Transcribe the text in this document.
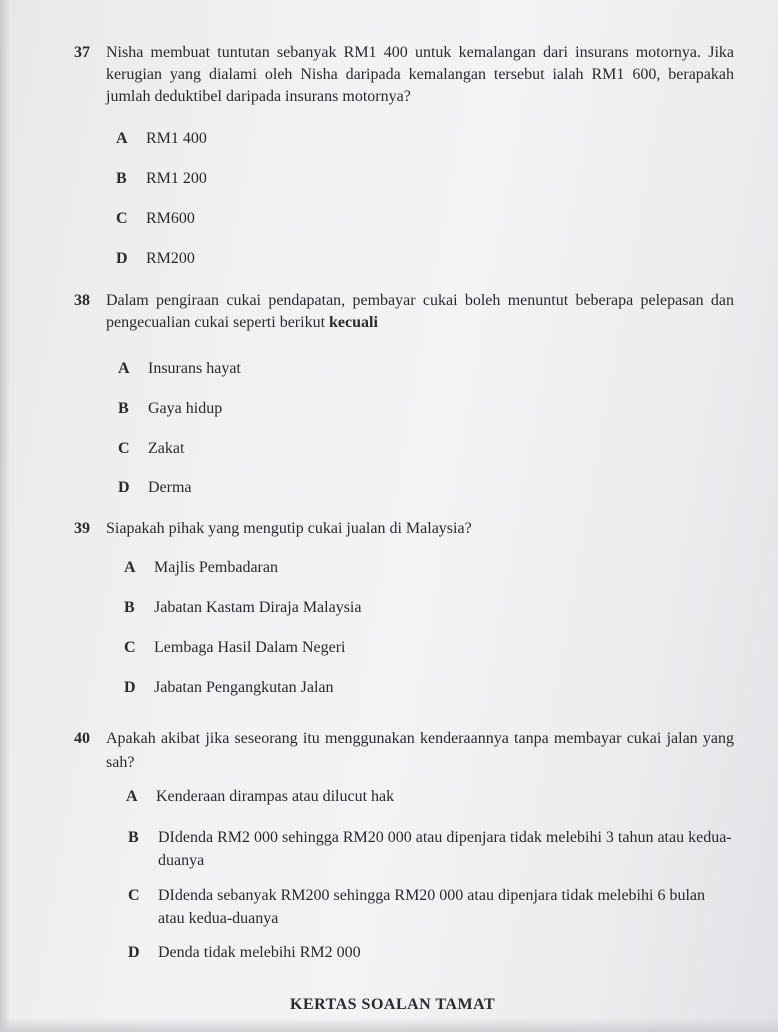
37	Nisha membuat tuntutan sebanyak RM1 400 untuk kemalangan dari insurans motornya. Jika kerugian yang dialami oleh Nisha daripada kemalangan tersebut ialah RM1 600, berapakah jumlah deduktibel daripada insurans motornya?
A	RM1 400
B	RM1 200
C	RM600
D	RM200
38	Dalam pengiraan cukai pendapatan, pembayar cukai boleh menuntut beberapa pelepasan dan pengecualian cukai seperti berikut kecuali
A	Insurans hayat
B	Gaya hidup
C	Zakat
D	Derma
39	Siapakah pihak yang mengutip cukai jualan di Malaysia?
A	Majlis Pembadaran
B	Jabatan Kastam Diraja Malaysia
C	Lembaga Hasil Dalam Negeri
D	Jabatan Pengangkutan Jalan
40	Apakah akibat jika seseorang itu menggunakan kenderaannya tanpa membayar cukai jalan yang sah?
A	Kenderaan dirampas atau dilucut hak
B	DIdenda RM2 000 sehingga RM20 000 atau dipenjara tidak melebihi 3 tahun atau kedua-duanya
C	DIdenda sebanyak RM200 sehingga RM20 000 atau dipenjara tidak melebihi 6 bulan atau kedua-duanya
D	Denda tidak melebihi RM2 000
KERTAS SOALAN TAMAT
